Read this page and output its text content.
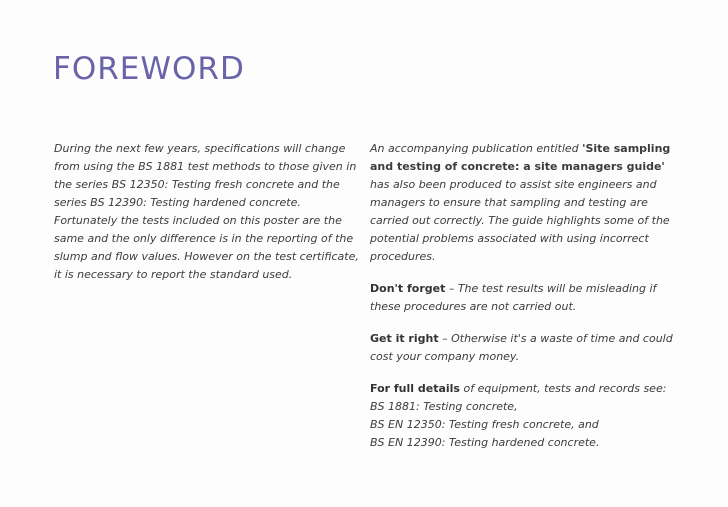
FOREWORD

During the next few years, specifications will change from using the BS 1881 test methods to those given in the series BS 12350: Testing fresh concrete and the series BS 12390: Testing hardened concrete. Fortunately the tests included on this poster are the same and the only difference is in the reporting of the slump and flow values. However on the test certificate, it is necessary to report the standard used.

An accompanying publication entitled 'Site sampling and testing of concrete: a site managers guide' has also been produced to assist site engineers and managers to ensure that sampling and testing are carried out correctly. The guide highlights some of the potential problems associated with using incorrect procedures.

Don't forget – The test results will be misleading if these procedures are not carried out.

Get it right – Otherwise it's a waste of time and could cost your company money.

For full details of equipment, tests and records see: BS 1881: Testing concrete,
BS EN 12350: Testing fresh concrete, and
BS EN 12390: Testing hardened concrete.
